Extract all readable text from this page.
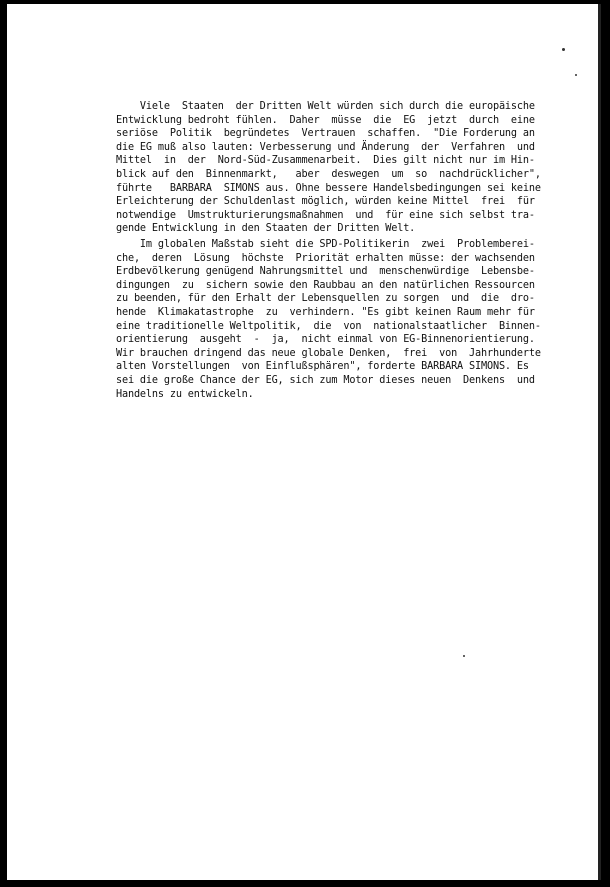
Viele  Staaten  der Dritten Welt würden sich durch die europäische
Entwicklung bedroht fühlen.  Daher  müsse  die  EG  jetzt  durch  eine
seriöse  Politik  begründetes  Vertrauen  schaffen.  "Die Forderung an
die EG muß also lauten: Verbesserung und Änderung  der  Verfahren  und
Mittel  in  der  Nord-Süd-Zusammenarbeit.  Dies gilt nicht nur im Hin-
blick auf den  Binnenmarkt,   aber  deswegen  um  so  nachdrücklicher",
führte   BARBARA  SIMONS aus. Ohne bessere Handelsbedingungen sei keine
Erleichterung der Schuldenlast möglich, würden keine Mittel  frei  für
notwendige  Umstrukturierungsmaßnahmen  und  für eine sich selbst tra-
gende Entwicklung in den Staaten der Dritten Welt.

Im globalen Maßstab sieht die SPD-Politikerin  zwei  Problemberei-
che,  deren  Lösung  höchste  Priorität erhalten müsse: der wachsenden
Erdbevölkerung genügend Nahrungsmittel und  menschenwürdige  Lebensbe-
dingungen  zu  sichern sowie den Raubbau an den natürlichen Ressourcen
zu beenden, für den Erhalt der Lebensquellen zu sorgen  und  die  dro-
hende  Klimakatastrophe  zu  verhindern. "Es gibt keinen Raum mehr für
eine traditionelle Weltpolitik,  die  von  nationalstaatlicher  Binnen-
orientierung  ausgeht  -  ja,  nicht einmal von EG-Binnenorientierung.
Wir brauchen dringend das neue globale Denken,  frei  von  Jahrhunderte
alten Vorstellungen  von Einflußsphären", forderte BARBARA SIMONS. Es
sei die große Chance der EG, sich zum Motor dieses neuen  Denkens  und
Handelns zu entwickeln.
